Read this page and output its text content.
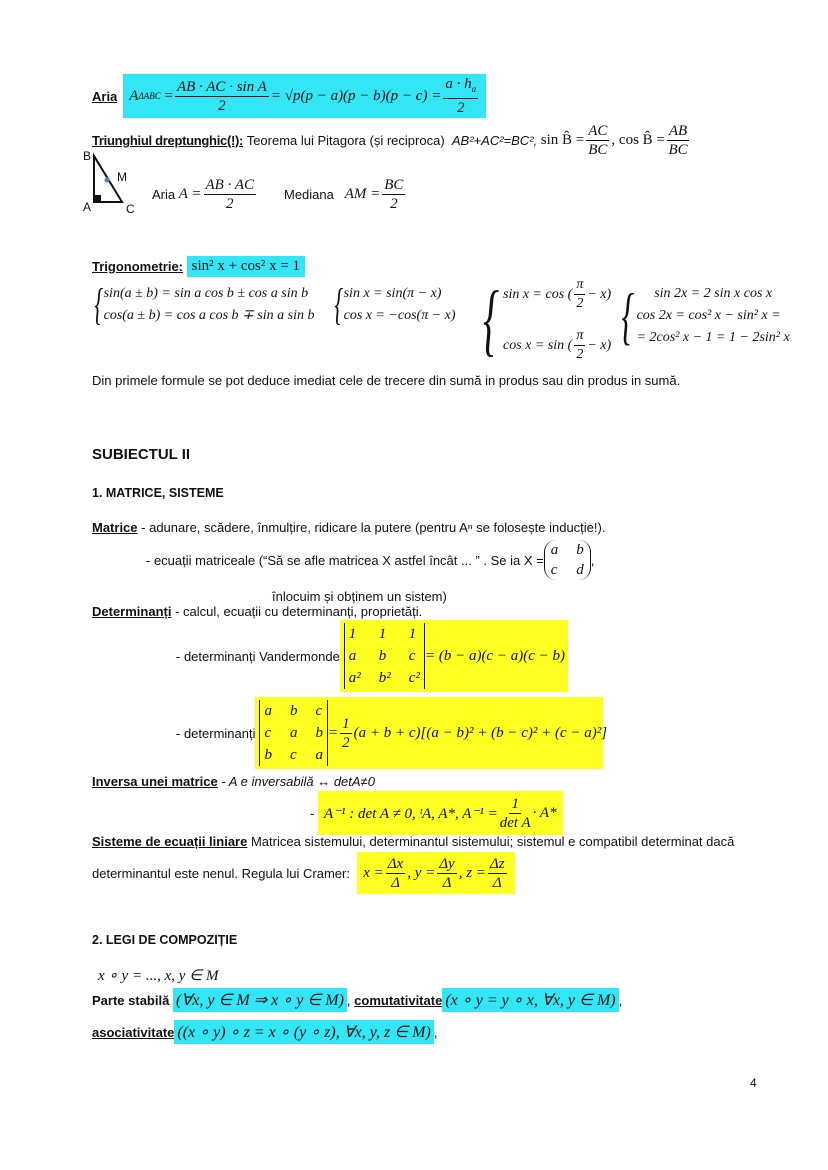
Aria A $\Delta ABC = \frac{\text{AB · AC · sin A}}{2} = √p(p - a)(p - b)(p - c) = \frac{a \cdot h_a}{2}$
Triunghiul dreptunghic(!):
Teorema lui Pitagora (și reciproca)
AB²+AC²=BC²,
sin B̂ = $\frac{AC}{BC}$ , cos B̂ = $\frac{AB}{BC}$
B
M
A	C
Aria
$A = \frac{AB \cdot AC}{2}$ Mediana
AM = $\frac{BC}{2}$
Trigonometrie:
sin² x + cos² x = 1
{ sin(a ± b) = sin a cos b ± cos a sin b
cos(a ± b) = cos a cos b ∓ sin a sin b { sin x = sin(π − x)
cos x = −cos(π − x) { sin x = cos ( $\frac{\pi}{2} - x$ )
cos x = sin ( $\frac{\pi}{2} - x$ ) {	sin 2x = 2 sin x cos x
cos 2x = cos² x − sin² x =
= 2cos² x − 1 = 1 − 2sin² x
Din primele formule se pot deduce imediat cele de trecere din sumă in produs sau din produs in sumă.
SUBIECTUL II
1. MATRICE, SISTEME
Matrice - adunare, scădere, înmulțire, ridicare la putere (pentru Aⁿ se folosește inducție!).
- ecuații matriceale (“Să se afle matricea X astfel încât ... ” . Se ia X =
a b
c d
,
înlocuim și obținem un sistem)
Determinanți - calcul, ecuații cu determinanți, proprietăți.
- determinanți Vandermonde
1	1	1
a	b	c
a² b² c²
= (b − a)(c − a)(c − b)
- determinanți
a b c
c a b
b c a
= $\frac{1}{2} (a + b + c)[(a - b)^2 + (b - c)^2 + (c - a)^2]$
Inversa unei matrice - A e inversabilă ↔ detA≠0
-
A⁻¹ : det A ≠ 0, ᵗA, A*, $A^{-1} = \frac{1}{\text{det A}} \cdot A*$
Sisteme de ecuații liniare Matricea sistemului, determinantul sistemului; sistemul e compatibil determinat dacă
determinantul este nenul. Regula lui Cramer:
$x = \frac{\Delta x}{\Delta}$ , $y = \frac{\Delta y}{\Delta}$ , $z = \frac{\Delta z}{\Delta}$
2. LEGI DE COMPOZIȚIE
x ∘ y = ..., x, y ∈ M
Parte stabilă
(∀x, y ∈ M ⇒ x ∘ y ∈ M) ,
comutativitate (x ∘ y = y ∘ x, ∀x, y ∈ M) ,
asociativitate ((x ∘ y) ∘ z = x ∘ (y ∘ z), ∀x, y, z ∈ M) ,
4
